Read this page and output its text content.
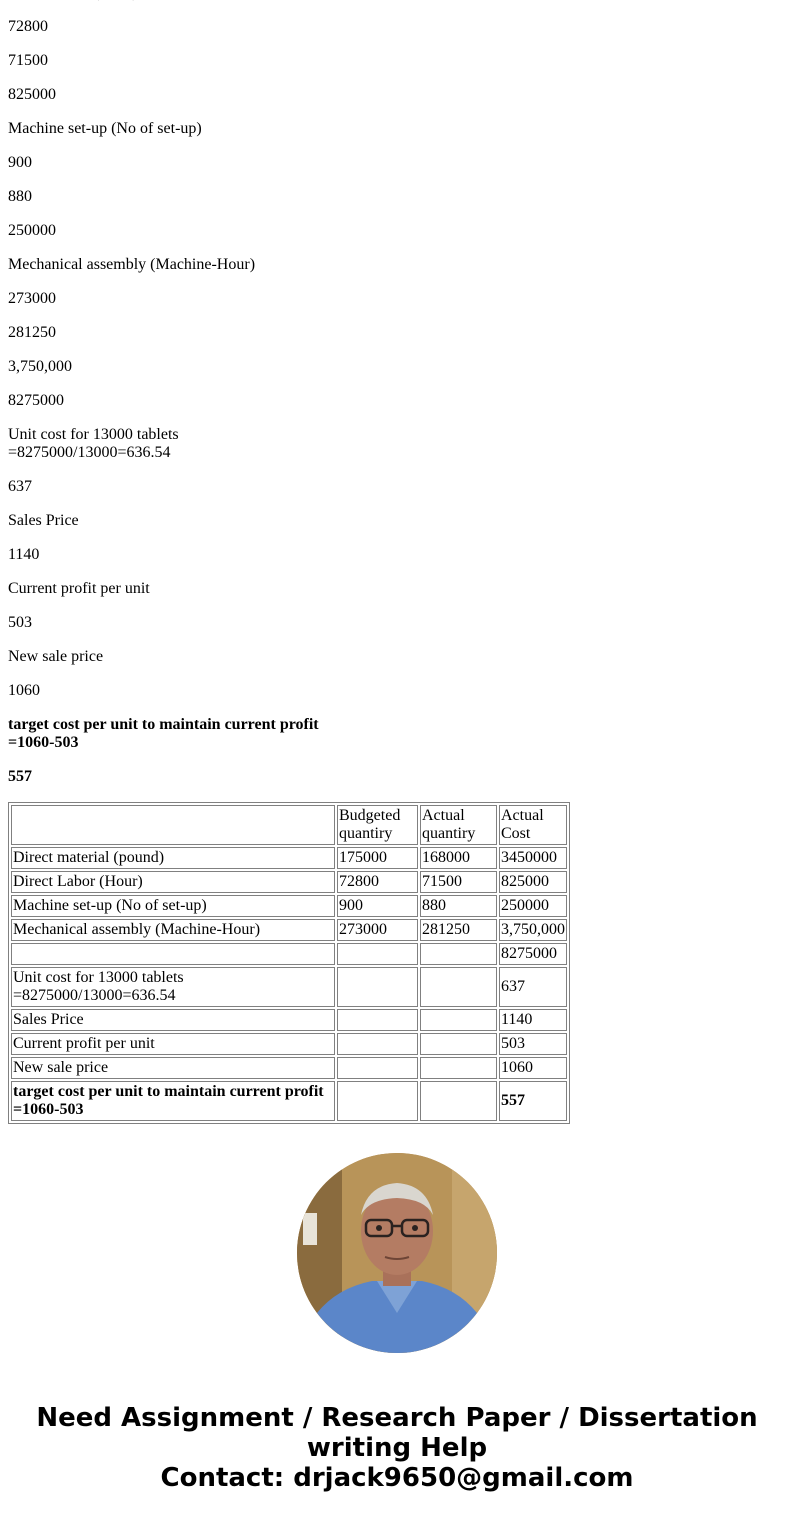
72800
71500
825000
Machine set-up (No of set-up)
900
880
250000
Mechanical assembly (Machine-Hour)
273000
281250
3,750,000
8275000
Unit cost for 13000 tablets
=8275000/13000=636.54
637
Sales Price
1140
Current profit per unit
503
New sale price
1060
target cost per unit to maintain current profit
=1060-503
557
	Budgeted quantiry	Actual quantiry	Actual Cost
Direct material (pound)	175000	168000	3450000
Direct Labor (Hour)	72800	71500	825000
Machine set-up (No of set-up)	900	880	250000
Mechanical assembly (Machine-Hour)	273000	281250	3,750,000
			8275000

Unit cost for 13000 tablets
=8275000/13000=636.54			637
Sales Price			1140
Current profit per unit			503
New sale price			1060

target cost per unit to maintain current profit
=1060-503			557
Need Assignment / Research Paper / Dissertation
writing Help
Contact: drjack9650@gmail.com
